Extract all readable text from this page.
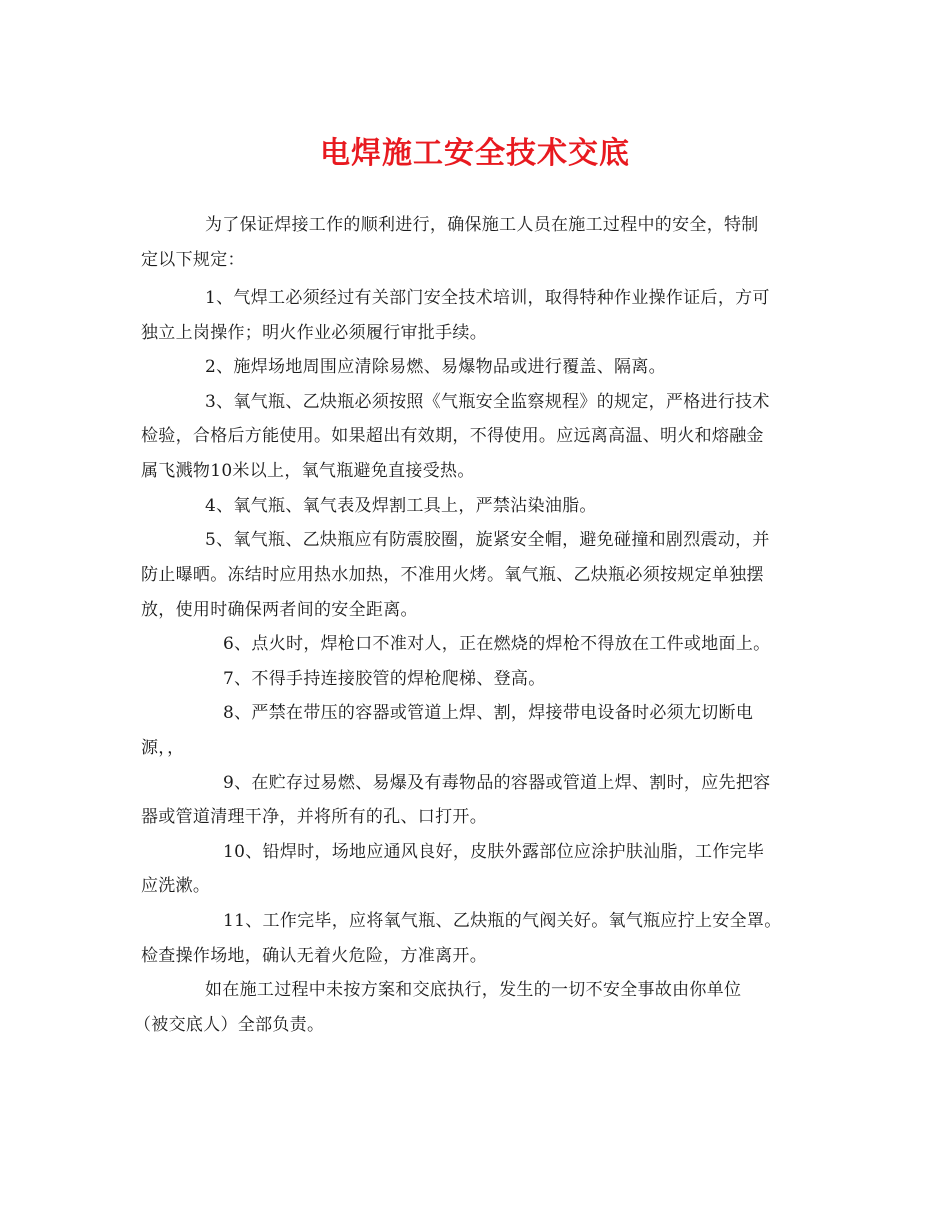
电焊施工安全技术交底
为了保证焊接工作的顺利进行，确保施工人员在施工过程中的安全，特制
定以下规定：
1、气焊工必须经过有关部门安全技术培训，取得特种作业操作证后，方可
独立上岗操作；明火作业必须履行审批手续。
2、施焊场地周围应清除易燃、易爆物品或进行覆盖、隔离。
3、氧气瓶、乙炔瓶必须按照《气瓶安全监察规程》的规定，严格进行技术
检验，合格后方能使用。如果超出有效期，不得使用。应远离高温、明火和熔融金
属飞溅物10米以上，氧气瓶避免直接受热。
4、氧气瓶、氧气表及焊割工具上，严禁沾染油脂。
5、氧气瓶、乙炔瓶应有防震胶圈，旋紧安全帽，避免碰撞和剧烈震动，并
防止曝晒。冻结时应用热水加热，不准用火烤。氧气瓶、乙炔瓶必须按规定单独摆
放，使用时确保两者间的安全距离。
6、点火时，焊枪口不准对人，正在燃烧的焊枪不得放在工件或地面上。
7、不得手持连接胶管的焊枪爬梯、登高。
8、严禁在带压的容器或管道上焊、割，焊接带电设备时必须尢切断电
源，，
9、在贮存过易燃、易爆及有毒物品的容器或管道上焊、割时，应先把容
器或管道清理干净，并将所有的孔、口打开。
10、铅焊时，场地应通风良好，皮肤外露部位应涂护肤汕脂，工作完毕
应洗漱。
11、工作完毕，应将氧气瓶、乙炔瓶的气阀关好。氧气瓶应拧上安全罩。
检查操作场地，确认无着火危险，方准离开。
如在施工过程中未按方案和交底执行，发生的一切不安全事故由你单位
（被交底人）全部负责。
